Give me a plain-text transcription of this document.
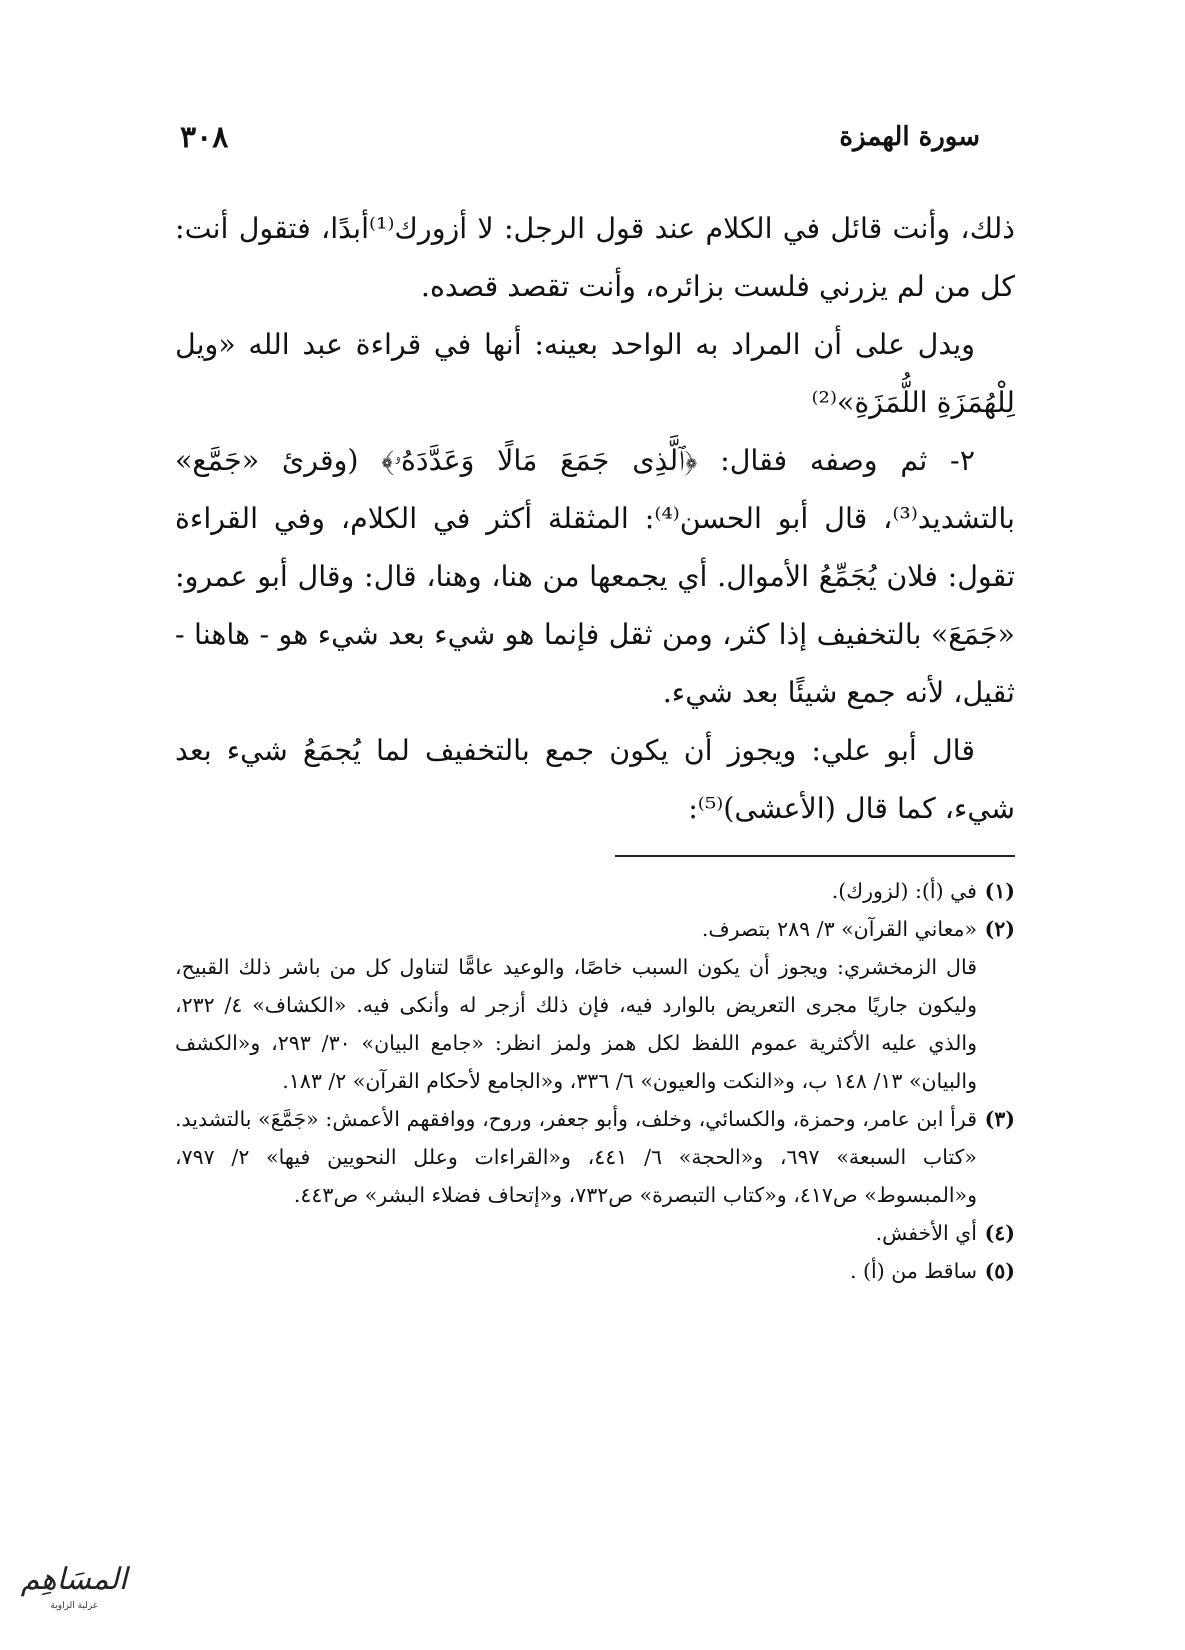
سورة الهمزة
٣٠٨

ذلك، وأنت قائل في الكلام عند قول الرجل: لا أزورك⁽¹⁾أبدًا، فتقول أنت: كل من لم يزرني فلست بزائره، وأنت تقصد قصده.

ويدل على أن المراد به الواحد بعينه: أنها في قراءة عبد الله «ويل لِلْهُمَزَةِ اللُّمَزَةِ»⁽²⁾

٢- ثم وصفه فقال: ﴿ٱلَّذِى جَمَعَ مَالًا وَعَدَّدَهُۥ﴾ (وقرئ «جَمَّع» بالتشديد⁽³⁾، قال أبو الحسن⁽⁴⁾: المثقلة أكثر في الكلام، وفي القراءة تقول: فلان يُجَمِّعُ الأموال. أي يجمعها من هنا، وهنا، قال: وقال أبو عمرو: «جَمَعَ» بالتخفيف إذا كثر، ومن ثقل فإنما هو شيء بعد شيء هو - هاهنا - ثقيل، لأنه جمع شيئًا بعد شيء.

قال أبو علي: ويجوز أن يكون جمع بالتخفيف لما يُجمَعُ شيء بعد شيء، كما قال (الأعشى)⁽⁵⁾:

(١)

في (أ): (لزورك).

(٢)

«معاني القرآن» ٣/ ٢٨٩ بتصرف.

قال الزمخشري: ويجوز أن يكون السبب خاصًا، والوعيد عامًّا لتناول كل من باشر ذلك القبيح، وليكون جاريًا مجرى التعريض بالوارد فيه، فإن ذلك أزجر له وأنكى فيه. «الكشاف» ٤/ ٢٣٢، والذي عليه الأكثرية عموم اللفظ لكل همز ولمز انظر: «جامع البيان» ٣٠/ ٢٩٣، و«الكشف والبيان» ١٣/ ١٤٨ ب، و«النكت والعيون» ٦/ ٣٣٦، و«الجامع لأحكام القرآن» ٢/ ١٨٣.

(٣)

قرأ ابن عامر، وحمزة، والكسائي، وخلف، وأبو جعفر، وروح، ووافقهم الأعمش: «جَمَّعَ» بالتشديد. «كتاب السبعة» ٦٩٧، و«الحجة» ٦/ ٤٤١، و«القراءات وعلل النحويين فيها» ٢/ ٧٩٧، و«المبسوط» ص٤١٧، و«كتاب التبصرة» ص٧٣٢، و«إتحاف فضلاء البشر» ص٤٤٣.

(٤)

أي الأخفش.

(٥)

ساقط من (أ) .

المسَاهِم
غزلية الزاوية
